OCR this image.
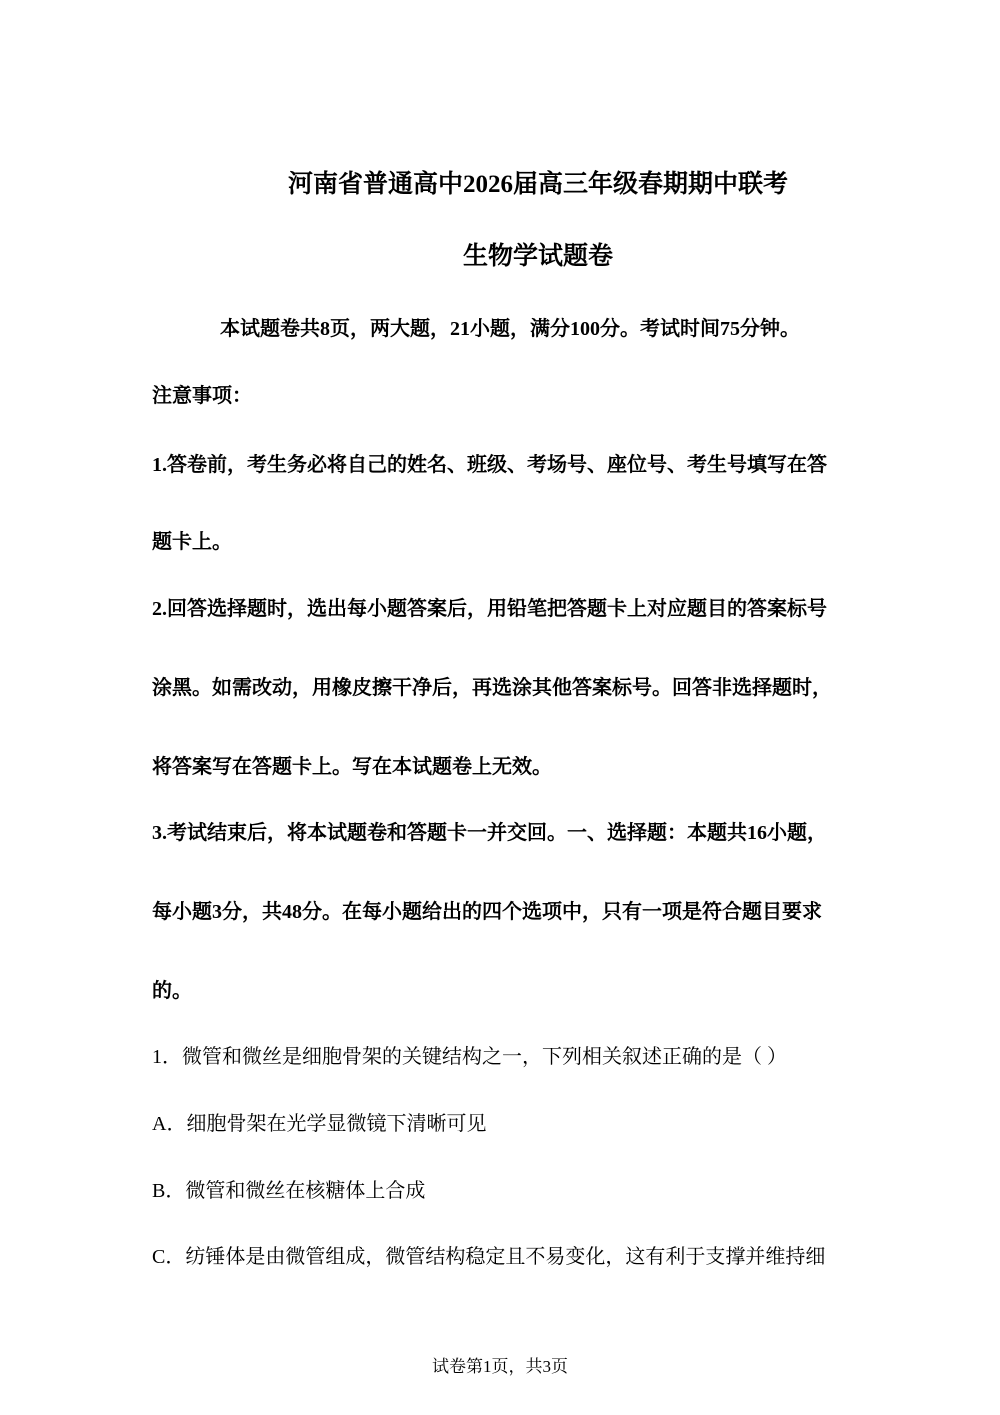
河南省普通高中2026届高三年级春期期中联考
生物学试题卷
本试题卷共8页，两大题，21小题，满分100分。考试时间75分钟。
注意事项：
1.答卷前，考生务必将自己的姓名、班级、考场号、座位号、考生号填写在答
题卡上。
2.回答选择题时，选出每小题答案后，用铅笔把答题卡上对应题目的答案标号
涂黑。如需改动，用橡皮擦干净后，再选涂其他答案标号。回答非选择题时，
将答案写在答题卡上。写在本试题卷上无效。
3.考试结束后，将本试题卷和答题卡一并交回。一、选择题：本题共16小题，
每小题3分，共48分。在每小题给出的四个选项中，只有一项是符合题目要求
的。
1．微管和微丝是细胞骨架的关键结构之一，下列相关叙述正确的是（ ）
A．细胞骨架在光学显微镜下清晰可见
B．微管和微丝在核糖体上合成
C．纺锤体是由微管组成，微管结构稳定且不易变化，这有利于支撑并维持细
试卷第1页，共3页
